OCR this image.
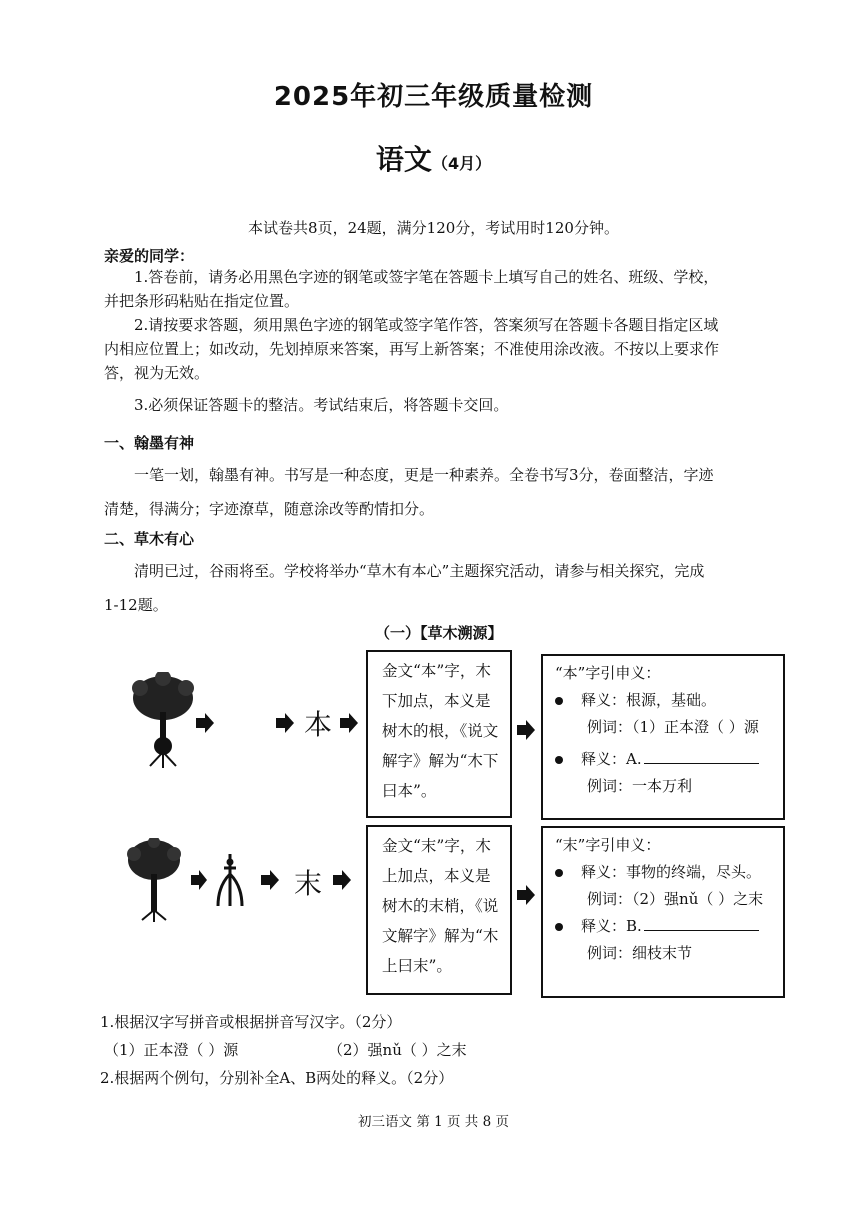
2025年初三年级质量检测
语文（4月）
本试卷共8页，24题，满分120分，考试用时120分钟。
亲爱的同学：
1.答卷前，请务必用黑色字迹的钢笔或签字笔在答题卡上填写自己的姓名、班级、学校，
并把条形码粘贴在指定位置。
2.请按要求答题，须用黑色字迹的钢笔或签字笔作答，答案须写在答题卡各题目指定区域
内相应位置上；如改动，先划掉原来答案，再写上新答案；不准使用涂改液。不按以上要求作
答，视为无效。
3.必须保证答题卡的整洁。考试结束后，将答题卡交回。
一、翰墨有神
一笔一划，翰墨有神。书写是一种态度，更是一种素养。全卷书写3分，卷面整洁，字迹
清楚，得满分；字迹潦草，随意涂改等酌情扣分。
二、草木有心
清明已过，谷雨将至。学校将举办“草木有本心”主题探究活动，请参与相关探究，完成
1-12题。
（一）【草木溯源】
本
金文“本”字，木
下加点，本义是
树木的根，《说文
解字》解为“木下
曰本”。
“本”字引申义：
释义：根源，基础。
例词：（1）正本澄（ ）源
释义：A.
例词：一本万利
末
金文“末”字，木
上加点，本义是
树木的末梢，《说
文解字》解为“木
上曰末”。
“末”字引申义：
释义：事物的终端，尽头。
例词：（2）强nǔ（ ）之末
释义：B.
例词：细枝末节
1.根据汉字写拼音或根据拼音写汉字。（2分）
（1）正本澄（ ）源	（2）强nǔ（ ）之末
2.根据两个例句，分别补全A、B两处的释义。（2分）
初三语文 第 1 页 共 8 页
